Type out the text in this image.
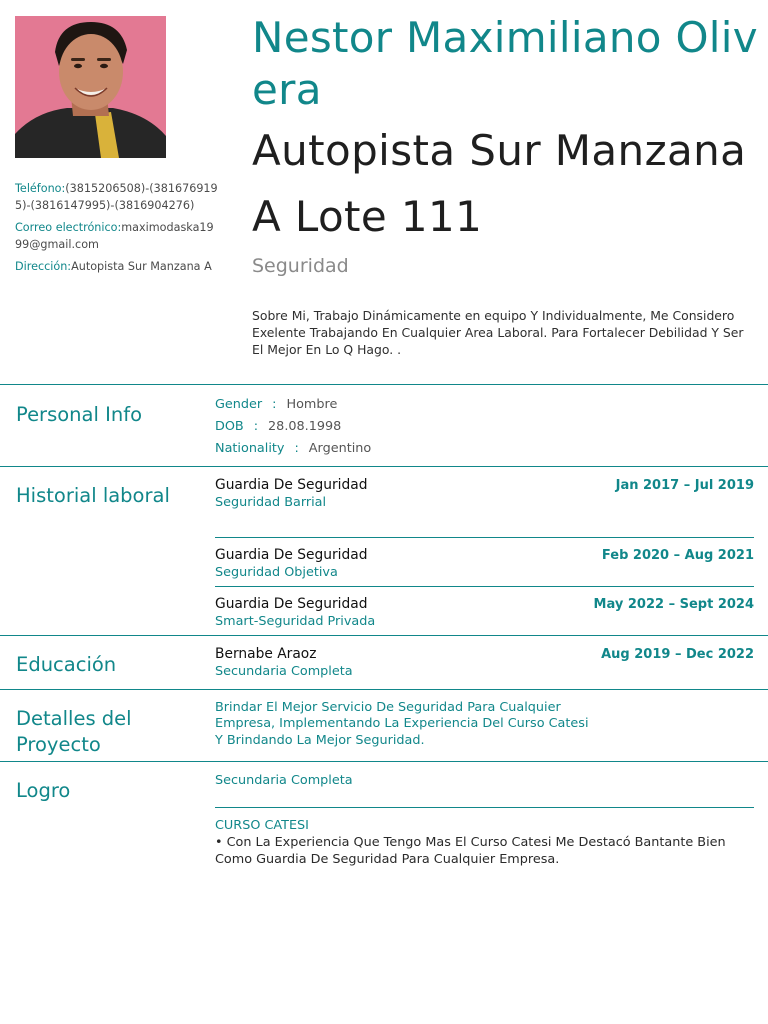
Teléfono:(3815206508)-(3816769195)-(3816147995)-(3816904276)
Correo electrónico:maximodaska1999@gmail.com
Dirección:Autopista Sur Manzana A
Nestor Maximiliano Olivera
Autopista Sur Manzana A Lote 111
Seguridad
Sobre Mi, Trabajo Dinámicamente en equipo Y Individualmente, Me Considero Exelente Trabajando En Cualquier Area Laboral. Para Fortalecer Debilidad Y Ser El Mejor En Lo Q Hago. .
Personal Info	Gender : Hombre
DOB : 28.08.1998
Nationality : Argentino
Historial laboral	Guardia De Seguridad
Seguridad Barrial
Jan 2017 – Jul 2019
Guardia De Seguridad
Seguridad Objetiva
Feb 2020 – Aug 2021
Guardia De Seguridad
Smart-Seguridad Privada
May 2022 – Sept 2024
Educación	Bernabe Araoz
Secundaria Completa
Aug 2019 – Dec 2022
Detalles del Proyecto
Brindar El Mejor Servicio De Seguridad Para Cualquier Empresa, Implementando La Experiencia Del Curso Catesi Y Brindando La Mejor Seguridad.
Logro	Secundaria Completa
CURSO CATESI
• Con La Experiencia Que Tengo Mas El Curso Catesi Me Destacó Bantante Bien Como Guardia De Seguridad Para Cualquier Empresa.
